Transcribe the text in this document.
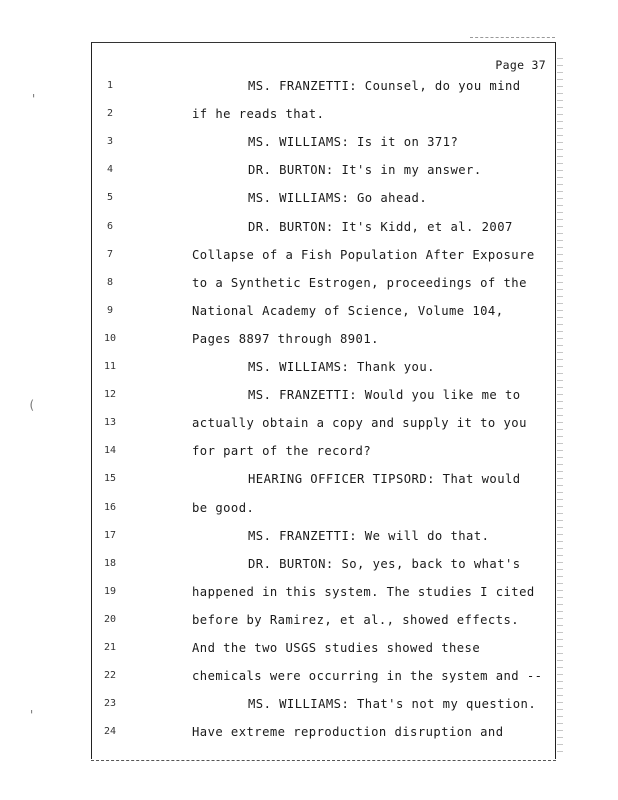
'
(
'
Page 37
1	MS. FRANZETTI: Counsel, do you mind
2	if he reads that.
3	MS. WILLIAMS: Is it on 371?
4	DR. BURTON: It's in my answer.
5	MS. WILLIAMS: Go ahead.
6	DR. BURTON: It's Kidd, et al. 2007
7	Collapse of a Fish Population After Exposure
8	to a Synthetic Estrogen, proceedings of the
9	National Academy of Science, Volume 104,
10	Pages 8897 through 8901.
11	MS. WILLIAMS: Thank you.
12	MS. FRANZETTI: Would you like me to
13	actually obtain a copy and supply it to you
14	for part of the record?
15	HEARING OFFICER TIPSORD: That would
16	be good.
17	MS. FRANZETTI: We will do that.
18	DR. BURTON: So, yes, back to what's
19	happened in this system. The studies I cited
20	before by Ramirez, et al., showed effects.
21	And the two USGS studies showed these
22	chemicals were occurring in the system and --
23	MS. WILLIAMS: That's not my question.
24	Have extreme reproduction disruption and
